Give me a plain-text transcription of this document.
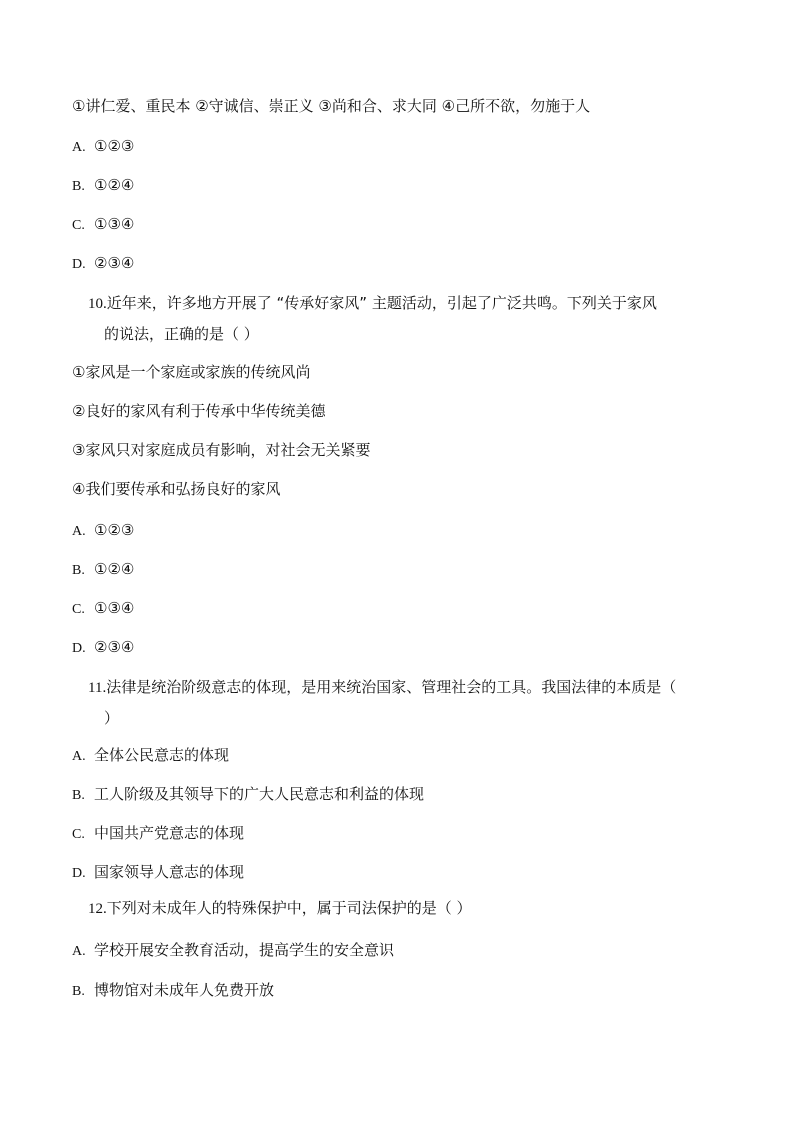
①讲仁爱、重民本 ②守诚信、崇正义 ③尚和合、求大同 ④己所不欲，勿施于人
A. ①②③
B. ①②④
C. ①③④
D. ②③④
10.近年来，许多地方开展了 “传承好家风” 主题活动，引起了广泛共鸣。下列关于家风
的说法，正确的是（ ）
①家风是一个家庭或家族的传统风尚
②良好的家风有利于传承中华传统美德
③家风只对家庭成员有影响，对社会无关紧要
④我们要传承和弘扬良好的家风
A. ①②③
B. ①②④
C. ①③④
D. ②③④
11.法律是统治阶级意志的体现，是用来统治国家、管理社会的工具。我国法律的本质是（
）
A. 全体公民意志的体现
B. 工人阶级及其领导下的广大人民意志和利益的体现
C. 中国共产党意志的体现
D. 国家领导人意志的体现
12.下列对未成年人的特殊保护中，属于司法保护的是（ ）
A. 学校开展安全教育活动，提高学生的安全意识
B. 博物馆对未成年人免费开放
